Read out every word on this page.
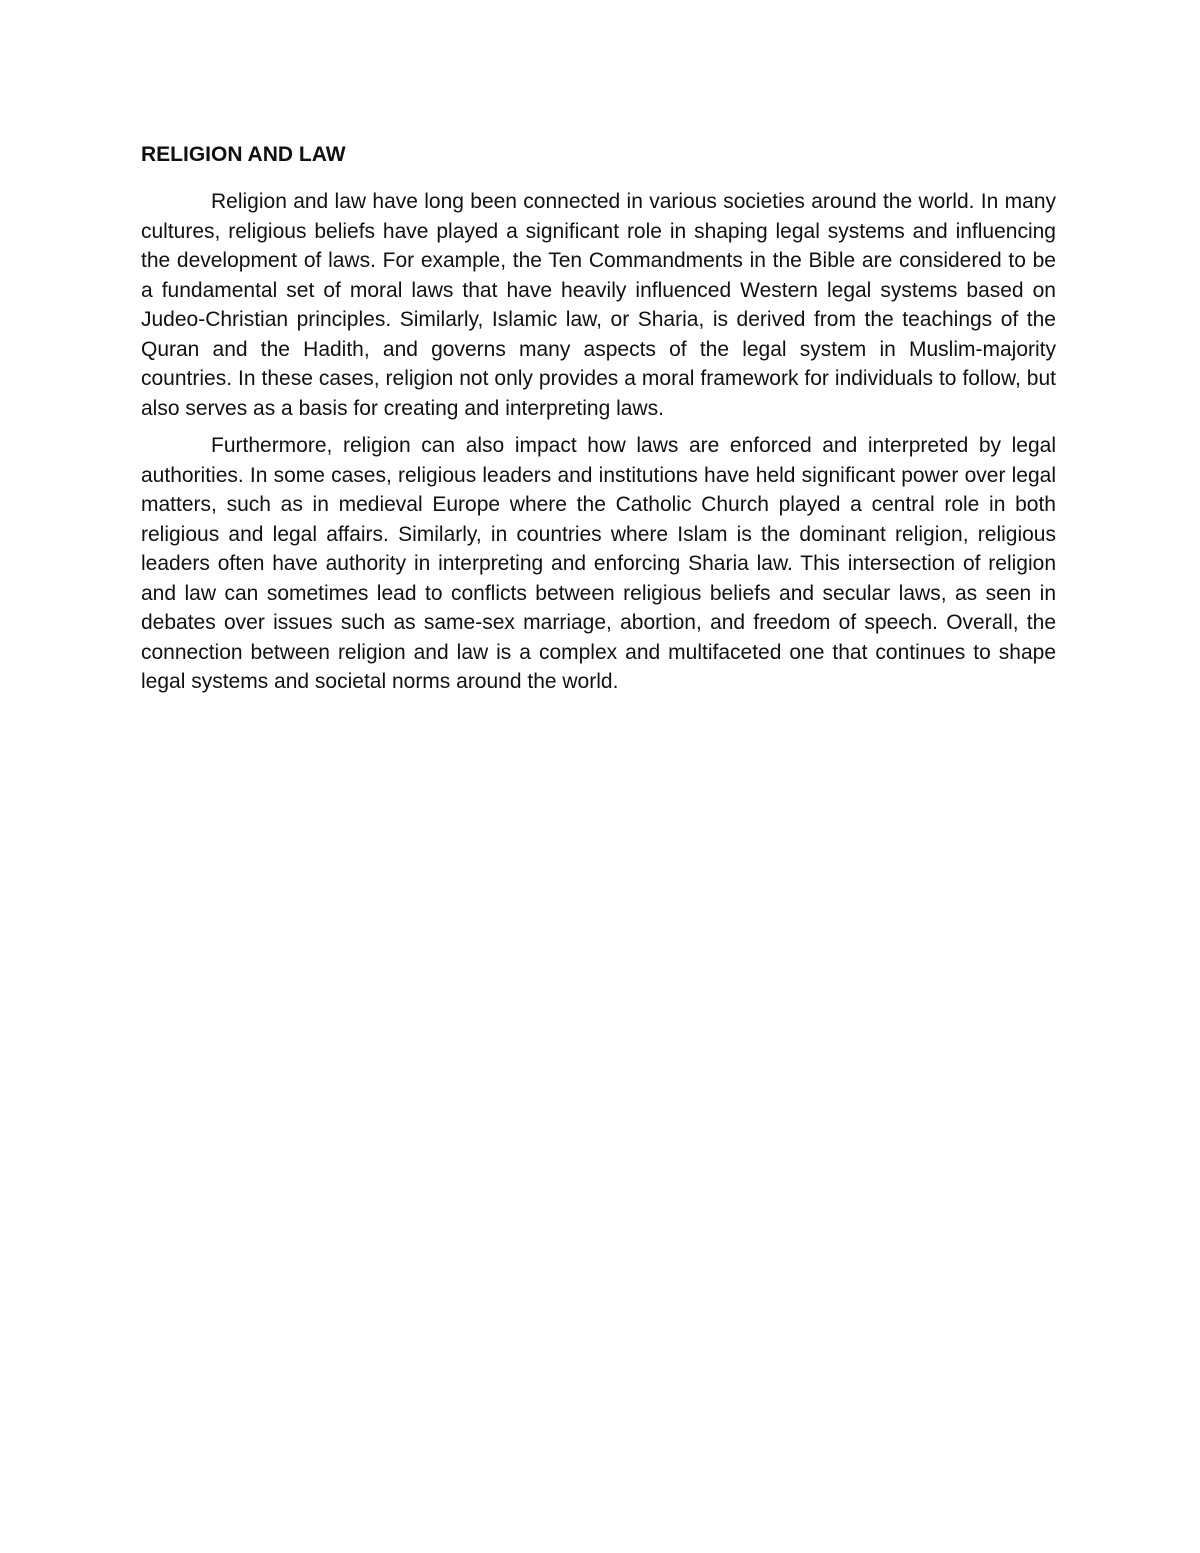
RELIGION AND LAW

Religion and law have long been connected in various societies around the world. In many cultures, religious beliefs have played a significant role in shaping legal systems and influencing the development of laws. For example, the Ten Commandments in the Bible are considered to be a fundamental set of moral laws that have heavily influenced Western legal systems based on Judeo-Christian principles. Similarly, Islamic law, or Sharia, is derived from the teachings of the Quran and the Hadith, and governs many aspects of the legal system in Muslim-majority countries. In these cases, religion not only provides a moral framework for individuals to follow, but also serves as a basis for creating and interpreting laws.

Furthermore, religion can also impact how laws are enforced and interpreted by legal authorities. In some cases, religious leaders and institutions have held significant power over legal matters, such as in medieval Europe where the Catholic Church played a central role in both religious and legal affairs. Similarly, in countries where Islam is the dominant religion, religious leaders often have authority in interpreting and enforcing Sharia law. This intersection of religion and law can sometimes lead to conflicts between religious beliefs and secular laws, as seen in debates over issues such as same-sex marriage, abortion, and freedom of speech. Overall, the connection between religion and law is a complex and multifaceted one that continues to shape legal systems and societal norms around the world.
